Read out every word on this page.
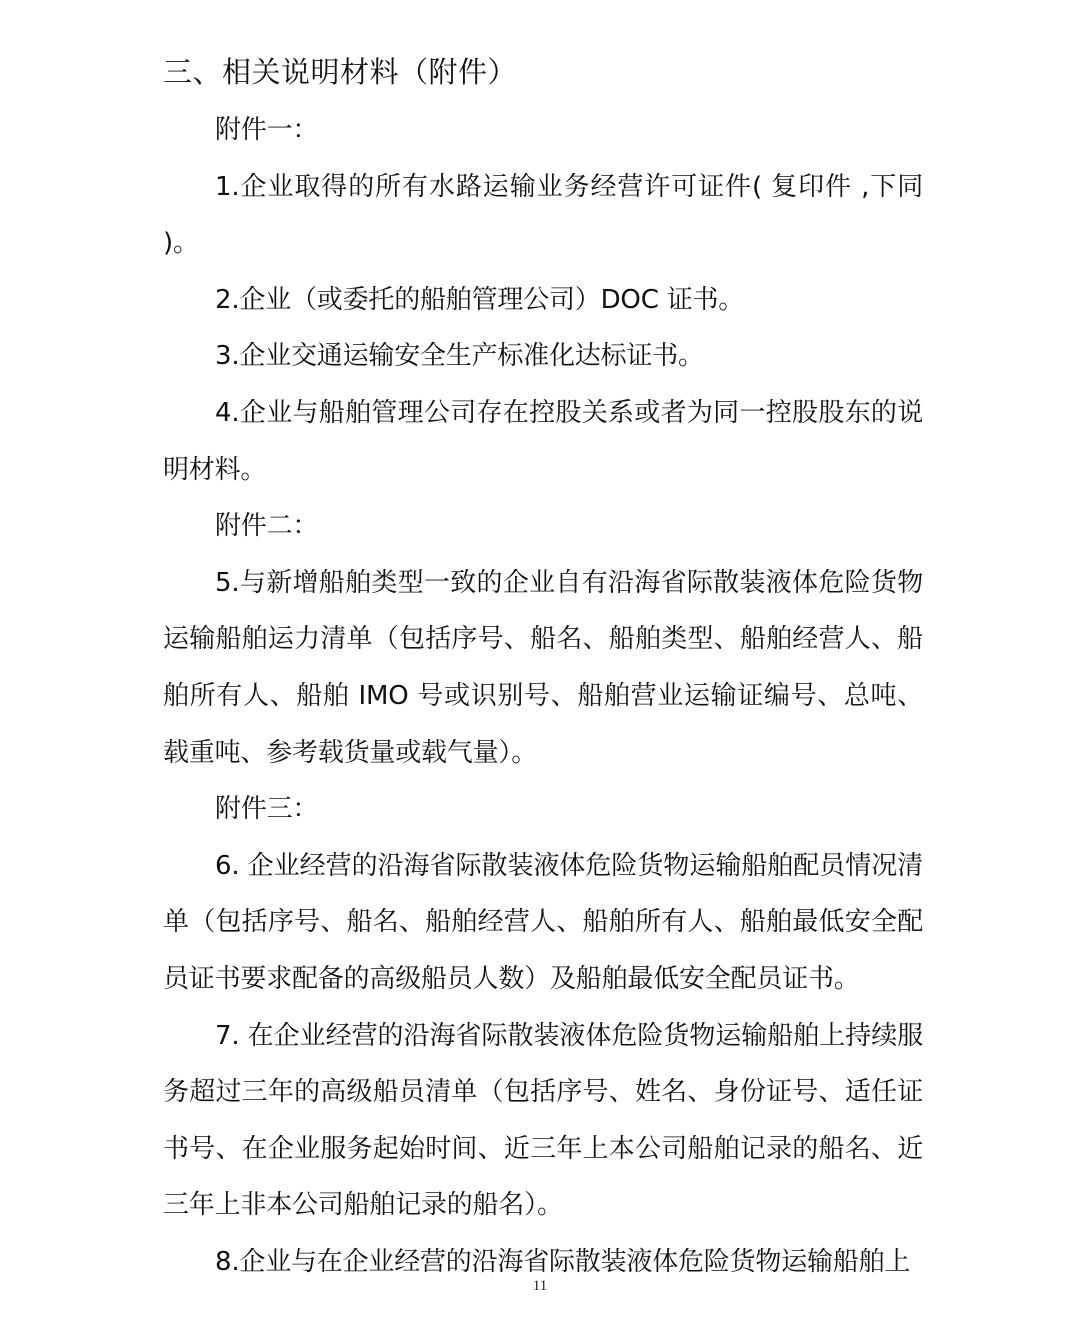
三、相关说明材料（附件）

附件一：

1.企业取得的所有水路运输业务经营许可证件( 复印件 ,下同 )。

2.企业（或委托的船舶管理公司）DOC 证书。

3.企业交通运输安全生产标准化达标证书。

4.企业与船舶管理公司存在控股关系或者为同一控股股东的说明材料。

附件二：

5.与新增船舶类型一致的企业自有沿海省际散装液体危险货物运输船舶运力清单（包括序号、船名、船舶类型、船舶经营人、船舶所有人、船舶 IMO 号或识别号、船舶营业运输证编号、总吨、载重吨、参考载货量或载气量）。

附件三：

6. 企业经营的沿海省际散装液体危险货物运输船舶配员情况清单（包括序号、船名、船舶经营人、船舶所有人、船舶最低安全配员证书要求配备的高级船员人数）及船舶最低安全配员证书。

7. 在企业经营的沿海省际散装液体危险货物运输船舶上持续服务超过三年的高级船员清单（包括序号、姓名、身份证号、适任证书号、在企业服务起始时间、近三年上本公司船舶记录的船名、近三年上非本公司船舶记录的船名）。

8.企业与在企业经营的沿海省际散装液体危险货物运输船舶上

11
